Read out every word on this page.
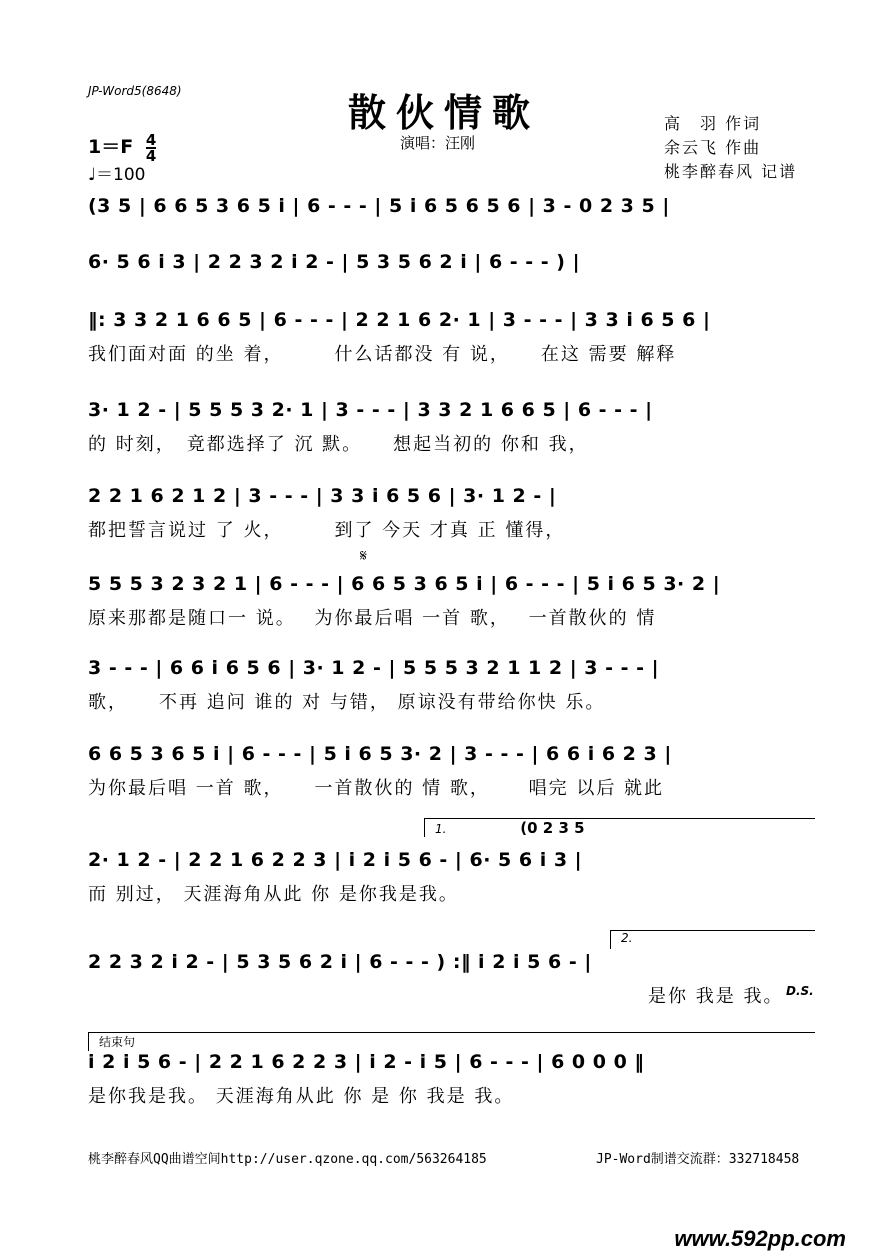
JP-Word5(8648)	散伙情歌
演唱：汪刚
高　羽 作词
余云飞 作曲
桃李醉春风 记谱
$1=F \frac{4}{4}$
♩＝100
(3 5 | 6 6 5 3 6 5 i | 6 - - - | 5 i 6 5 6 5 6 | 3 - 0 2 3 5 |
6· 5 6 i 3 | 2 2 3 2 i 2 - | 5 3 5 6 2 i | 6 - - - ) |
‖: 3 3 2 1 6 6 5 | 6 - - - | 2 2 1 6 2· 1 | 3 - - - | 3 3 i 6 5 6 |
我们面对面 的坐 着，　　　什么话都没 有 说，　　在这 需要 解释
3· 1 2 - | 5 5 5 3 2· 1 | 3 - - - | 3 3 2 1 6 6 5 | 6 - - - |
的 时刻，　竟都选择了 沉 默。　　想起当初的 你和 我，
2 2 1 6 2 1 2 | 3 - - - | 3 3 i 6 5 6 | 3· 1 2 - |
都把誓言说过 了 火，　　　到了 今天 才真 正 懂得，
𝄋
5 5 5 3 2 3 2 1 | 6 - - - | 6 6 5 3 6 5 i | 6 - - - | 5 i 6 5 3· 2 |
原来那都是随口一 说。　 为你最后唱 一首 歌，　 一首散伙的 情
3 - - - | 6 6 i 6 5 6 | 3· 1 2 - | 5 5 5 3 2 1 1 2 | 3 - - - |
歌，　　不再 追问 谁的 对 与错， 原谅没有带给你快 乐。
6 6 5 3 6 5 i | 6 - - - | 5 i 6 5 3· 2 | 3 - - - | 6 6 i 6 2 3 |
为你最后唱 一首 歌，　　一首散伙的 情 歌，　　 唱完 以后 就此
1.	(0 2 3 5
2· 1 2 - | 2 2 1 6 2 2 3 | i 2 i 5 6 - | 6· 5 6 i 3 |
而 别过， 天涯海角从此 你 是你我是我。
2.
2 2 3 2 i 2 - | 5 3 5 6 2 i | 6 - - - ) :‖ i 2 i 5 6 - |
　　　　　　　　　　　　　　　　　　　　　　　　　　　　是你 我是 我。 D.S.
结束句
i 2 i 5 6 - | 2 2 1 6 2 2 3 | i 2 - i 5 | 6 - - - | 6 0 0 0 ‖
是你我是我。 天涯海角从此 你 是 你 我是 我。
桃李醉春风QQ曲谱空间http://user.qzone.qq.com/563264185	JP-Word制谱交流群：332718458
www.592pp.com
